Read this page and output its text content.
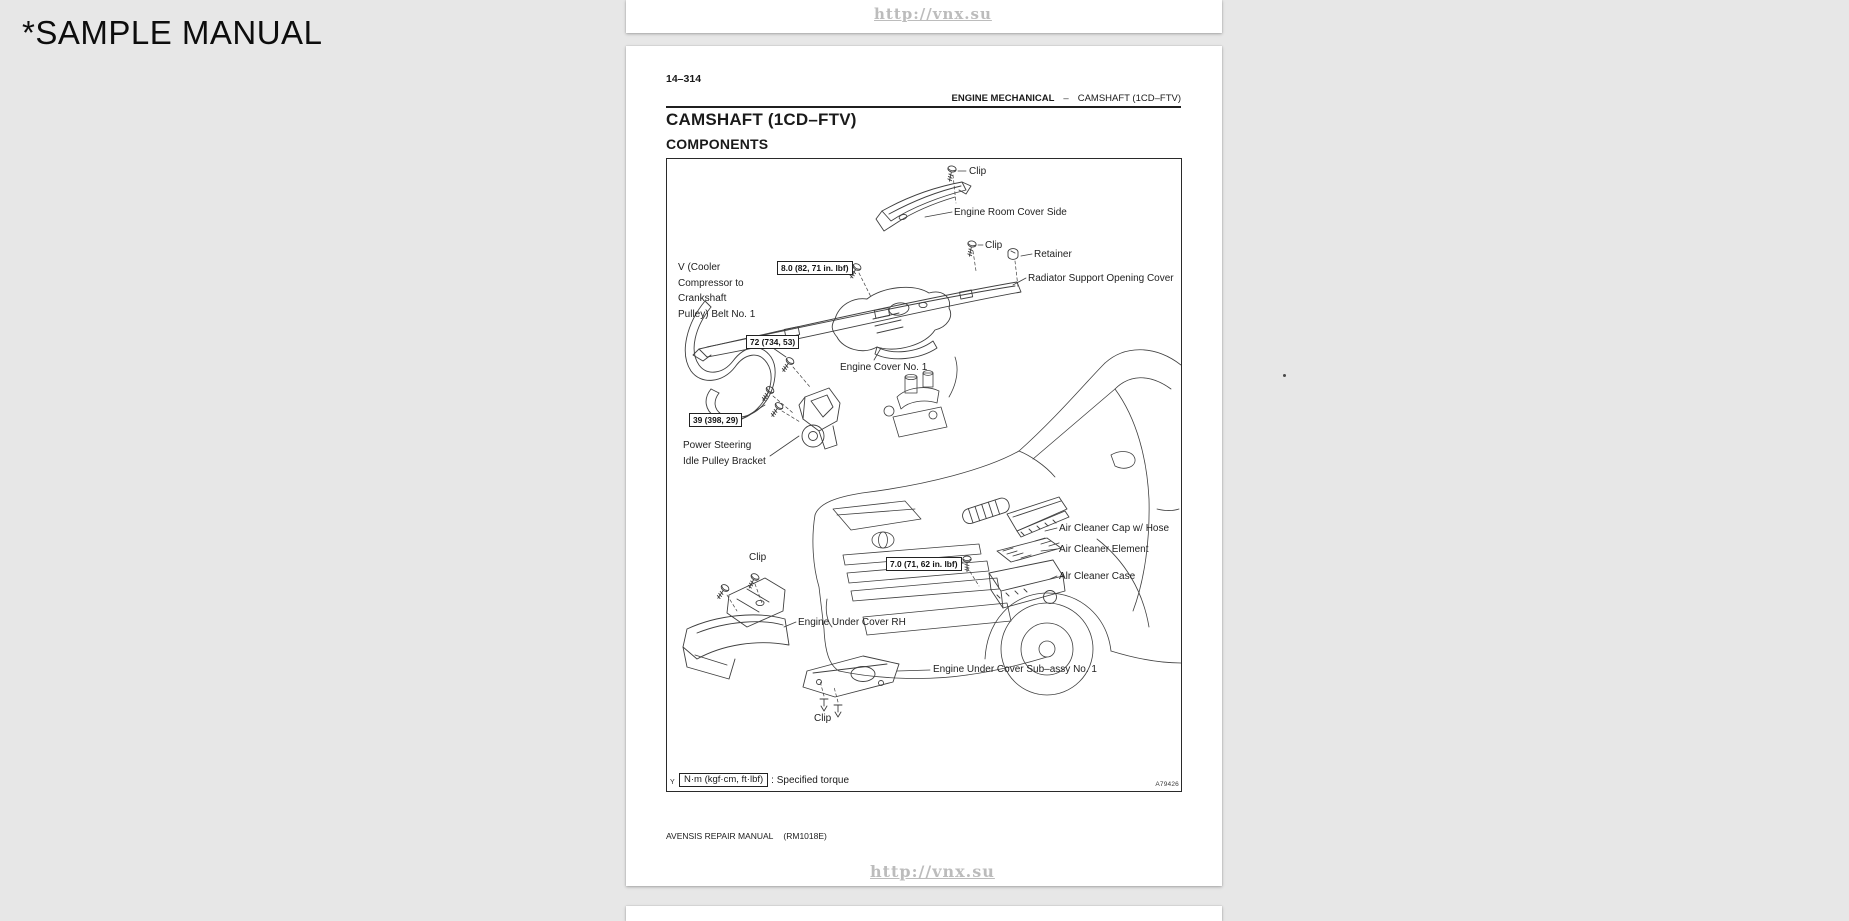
*SAMPLE MANUAL	http://vnx.su
14–314
ENGINE MECHANICAL – CAMSHAFT (1CD–FTV)
CAMSHAFT (1CD–FTV)
COMPONENTS
Clip
Engine Room Cover Side
Clip
Retainer
Radiator Support Opening Cover
V (Cooler
Compressor to
Crankshaft
Pulley) Belt No. 1
8.0 (82, 71 in. lbf)
72 (734, 53)
39 (398, 29)
7.0 (71, 62 in. lbf)
Engine Cover No. 1
Power Steering
Idle Pulley Bracket
Air Cleaner Cap w/ Hose
Air Cleaner Element
Alr Cleaner Case
Clip
Engine Under Cover RH
Engine Under Cover Sub–assy No. 1
Clip
Y N·m (kgf·cm, ft·lbf) : Specified torque	A79426
AVENSIS REPAIR MANUAL (RM1018E)
http://vnx.su
